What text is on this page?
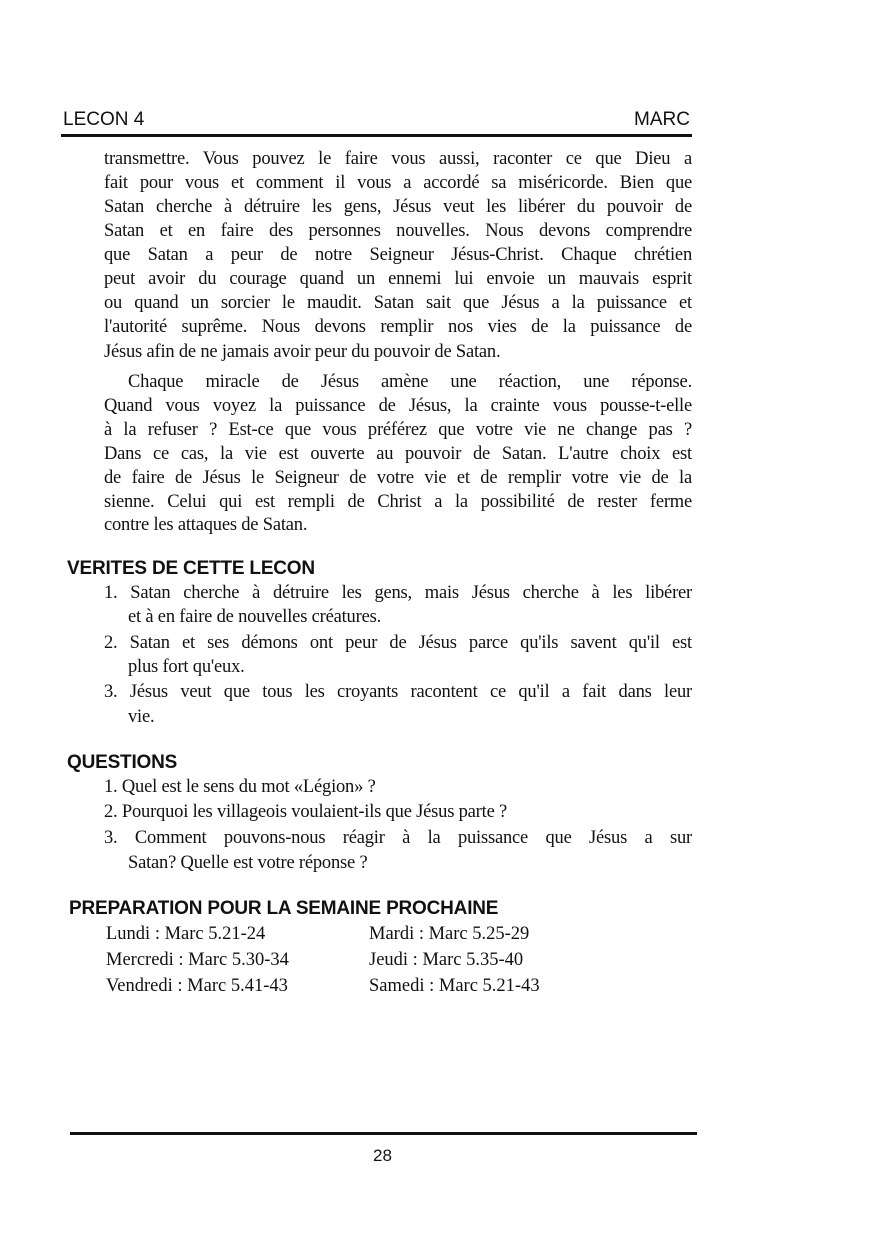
LECON 4	MARC
transmettre. Vous pouvez le faire vous aussi, raconter ce que Dieu a
fait pour vous et comment il vous a accordé sa miséricorde. Bien que
Satan cherche à détruire les gens, Jésus veut les libérer du pouvoir de
Satan et en faire des personnes nouvelles. Nous devons comprendre
que Satan a peur de notre Seigneur Jésus-Christ. Chaque chrétien
peut avoir du courage quand un ennemi lui envoie un mauvais esprit
ou quand un sorcier le maudit. Satan sait que Jésus a la puissance et
l'autorité suprême. Nous devons remplir nos vies de la puissance de
Jésus afin de ne jamais avoir peur du pouvoir de Satan.
Chaque miracle de Jésus amène une réaction, une réponse.
Quand vous voyez la puissance de Jésus, la crainte vous pousse-t-elle
à la refuser ? Est-ce que vous préférez que votre vie ne change pas ?
Dans ce cas, la vie est ouverte au pouvoir de Satan. L'autre choix est
de faire de Jésus le Seigneur de votre vie et de remplir votre vie de la
sienne. Celui qui est rempli de Christ a la possibilité de rester ferme
contre les attaques de Satan.
VERITES DE CETTE LECON
1. Satan cherche à détruire les gens, mais Jésus cherche à les libérer
et à en faire de nouvelles créatures.
2. Satan et ses démons ont peur de Jésus parce qu'ils savent qu'il est
plus fort qu'eux.
3. Jésus veut que tous les croyants racontent ce qu'il a fait dans leur
vie.
QUESTIONS
1. Quel est le sens du mot «Légion» ?
2. Pourquoi les villageois voulaient-ils que Jésus parte ?
3. Comment pouvons-nous réagir à la puissance que Jésus a sur
Satan? Quelle est votre réponse ?
PREPARATION POUR LA SEMAINE PROCHAINE
Lundi : Marc 5.21-24	Mardi : Marc 5.25-29
Mercredi : Marc 5.30-34	Jeudi : Marc 5.35-40
Vendredi : Marc 5.41-43	Samedi : Marc 5.21-43
28
